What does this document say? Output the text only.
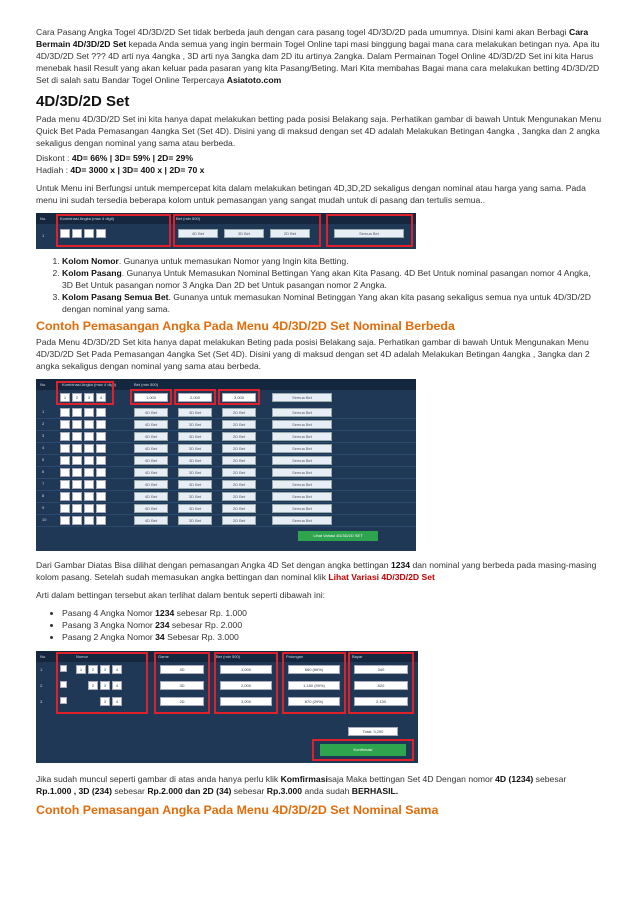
Cara Pasang Angka Togel 4D/3D/2D Set tidak berbeda jauh dengan cara pasang togel 4D/3D/2D pada umumnya. Disini kami akan Berbagi Cara Bermain 4D/3D/2D Set kepada Anda semua yang ingin bermain Togel Online tapi masi binggung bagai mana cara melakukan betingan nya. Apa itu 4D/3D/2D Set ??? 4D arti nya 4angka , 3D arti nya 3angka dam 2D itu artinya 2angka. Dalam Permainan Togel Online 4D/3D/2D Set ini kita Harus menebak hasil Result yang akan keluar pada pasaran yang kita Pasang/Beting. Mari Kita membahas Bagai mana cara melakukan betting 4D/3D/2D Set di salah satu Bandar Togel Online Terpercaya Asiatoto.com

4D/3D/2D Set

Pada menu 4D/3D/2D Set ini kita hanya dapat melakukan betting pada posisi Belakang saja. Perhatikan gambar di bawah Untuk Mengunakan Menu Quick Bet Pada Pemasangan 4angka Set (Set 4D). Disini yang di maksud dengan set 4D adalah Melakukan Betingan 4angka , 3angka dan 2 angka sekaligus dengan nominal yang sama atau berbeda.

Diskont : 4D= 66% | 3D= 59% | 2D= 29%

Hadiah : 4D= 3000 x | 3D= 400 x | 2D= 70 x

Untuk Menu ini Berfungsi untuk mempercepat kita dalam melakukan betingan 4D,3D,2D sekaligus dengan nominal atau harga yang sama. Pada menu ini sudah tersedia beberapa kolom untuk pemasangan yang sangat mudah untuk di pasang dan tertulis semua..

No.	Kombinasi Angka (max 4 digit)	Bet (min 500)
1	4D Bet	3D Bet	2D Bet	Semua Bet
1. Kolom Nomor. Gunanya untuk memasukan Nomor yang Ingin kita Betting.
2. Kolom Pasang. Gunanya Untuk Memasukan Nominal Bettingan Yang akan Kita Pasang. 4D Bet Untuk nominal pasangan nomor 4 Angka, 3D Bet Untuk pasangan nomor 3 Angka Dan 2D bet Untuk pasangan nomor 2 Angka.
3. Kolom Pasang Semua Bet. Gunanya untuk memasukan Nominal Betinggan Yang akan kita pasang sekaligus semua nya untuk 4D/3D/2D dengan nominal yang sama.
Contoh Pemasangan Angka Pada Menu 4D/3D/2D Set Nominal Berbeda

Pada Menu 4D/3D/2D Set kita hanya dapat melakukan Beting pada posisi Belakang saja. Perhatikan gambar di bawah Untuk Mengunakan Menu 4D/3D/2D Set Pada Pemasangan 4angka Set (Set 4D). Disini yang di maksud dengan set 4D adalah Melakukan Betingan 4angka , 3angka dan 2 angka sekaligus dengan nominal yang sama atau berbeda.

No.	Kombinasi Angka (max 4 digit)	Bet (min 500)
1	2	3	4	1,000	2,000	3,000	Semua Bet
1	4D Bet	3D Bet	2D Bet	Semua Bet
2	4D Bet	3D Bet	2D Bet	Semua Bet
3	4D Bet	3D Bet	2D Bet	Semua Bet
4	4D Bet	3D Bet	2D Bet	Semua Bet
5	4D Bet	3D Bet	2D Bet	Semua Bet
6	4D Bet	3D Bet	2D Bet	Semua Bet
7	4D Bet	3D Bet	2D Bet	Semua Bet
8	4D Bet	3D Bet	2D Bet	Semua Bet
9	4D Bet	3D Bet	2D Bet	Semua Bet
10	4D Bet	3D Bet	2D Bet	Semua Bet
Lihat Variasi 4D/3D/2D SET

Dari Gambar Diatas Bisa dilihat dengan pemasangan Angka 4D Set dengan angka bettingan 1234 dan nominal yang berbeda pada masing-masing kolom pasang. Setelah sudah memasukan angka bettingan dan nominal klik Lihat Variasi 4D/3D/2D Set

Arti dalam bettingan tersebut akan terlihat dalam bentuk seperti dibawah ini:

• Pasang 4 Angka Nomor 1234 sebesar Rp. 1.000
• Pasang 3 Angka Nomor 234 sebesar Rp. 2.000
• Pasang 2 Angka Nomor 34 Sebesar Rp. 3.000
No.	Nomor	Game	Bet (min 500)	Potongan	Bayar
1.	1	2	3	4	4D	1,000	660 (66%)	340
2.	2	3	4	3D	2,000	1,180 (59%)	820
3.	3	4	2D	3,000	870 (29%)	2,130
Total: 3,290
Konfirmasi

Jika sudah muncul seperti gambar di atas anda hanya perlu klik Komfirmasisaja Maka bettingan Set 4D Dengan nomor 4D (1234) sebesar Rp.1.000 , 3D (234) sebesar Rp.2.000 dan 2D (34) sebesar Rp.3.000 anda sudah BERHASIL.

Contoh Pemasangan Angka Pada Menu 4D/3D/2D Set Nominal Sama
